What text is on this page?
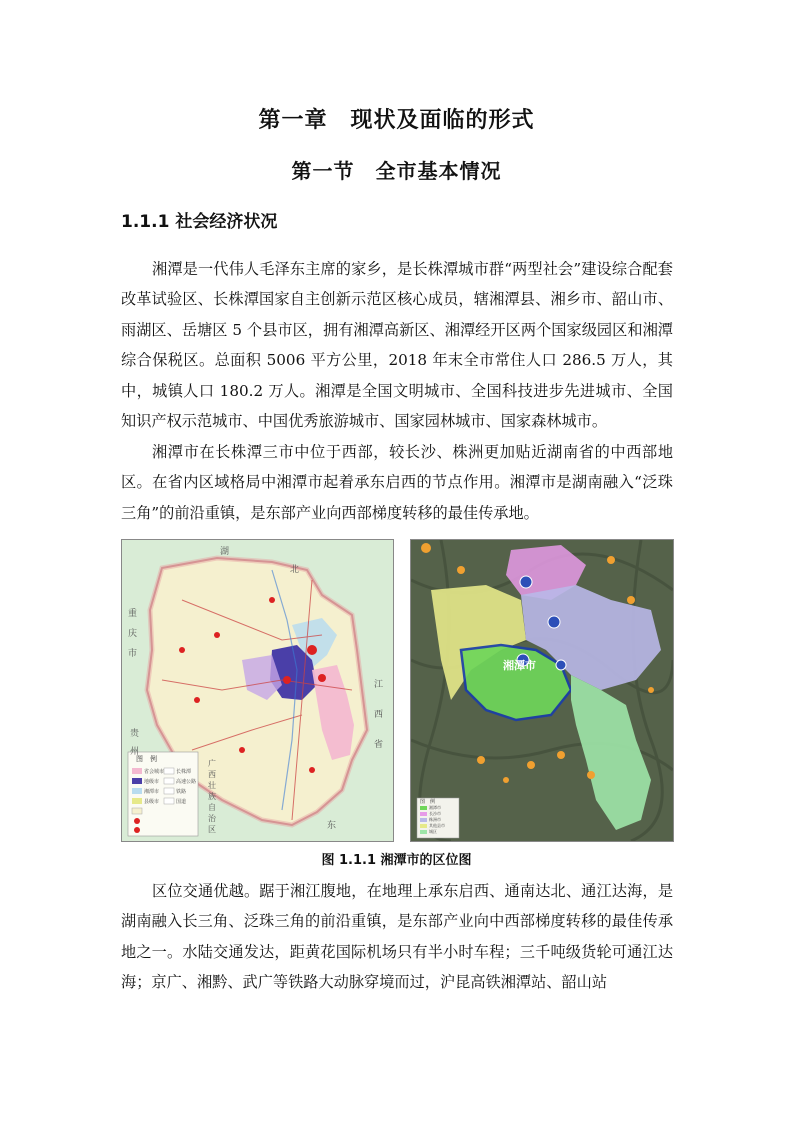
第一章　现状及面临的形式
第一节　全市基本情况
1.1.1 社会经济状况

湘潭是一代伟人毛泽东主席的家乡，是长株潭城市群“两型社会”建设综合配套改革试验区、长株潭国家自主创新示范区核心成员，辖湘潭县、湘乡市、韶山市、雨湖区、岳塘区 5 个县市区，拥有湘潭高新区、湘潭经开区两个国家级园区和湘潭综合保税区。总面积 5006 平方公里，2018 年末全市常住人口 286.5 万人，其中，城镇人口 180.2 万人。湘潭是全国文明城市、全国科技进步先进城市、全国知识产权示范城市、中国优秀旅游城市、国家园林城市、国家森林城市。

湘潭市在长株潭三市中位于西部，较长沙、株洲更加贴近湖南省的中西部地区。在省内区域格局中湘潭市起着承东启西的节点作用。湘潭市是湖南融入“泛珠三角”的前沿重镇，是东部产业向西部梯度转移的最佳传承地。

湖
重
庆
市
贵
州
江
西
省
广
西
壮
族
自
治
区	东
北
图　例
省会城市
地级市
湘潭市
县级市
长株潭
高速公路
铁路
国道
湘潭市
图　例
湘潭市
长沙市
株洲市
其他县市
城区
图 1.1.1 湘潭市的区位图

区位交通优越。踞于湘江腹地，在地理上承东启西、通南达北、通江达海，是湖南融入长三角、泛珠三角的前沿重镇，是东部产业向中西部梯度转移的最佳传承地之一。水陆交通发达，距黄花国际机场只有半小时车程；三千吨级货轮可通江达海；京广、湘黔、武广等铁路大动脉穿境而过，沪昆高铁湘潭站、韶山站
